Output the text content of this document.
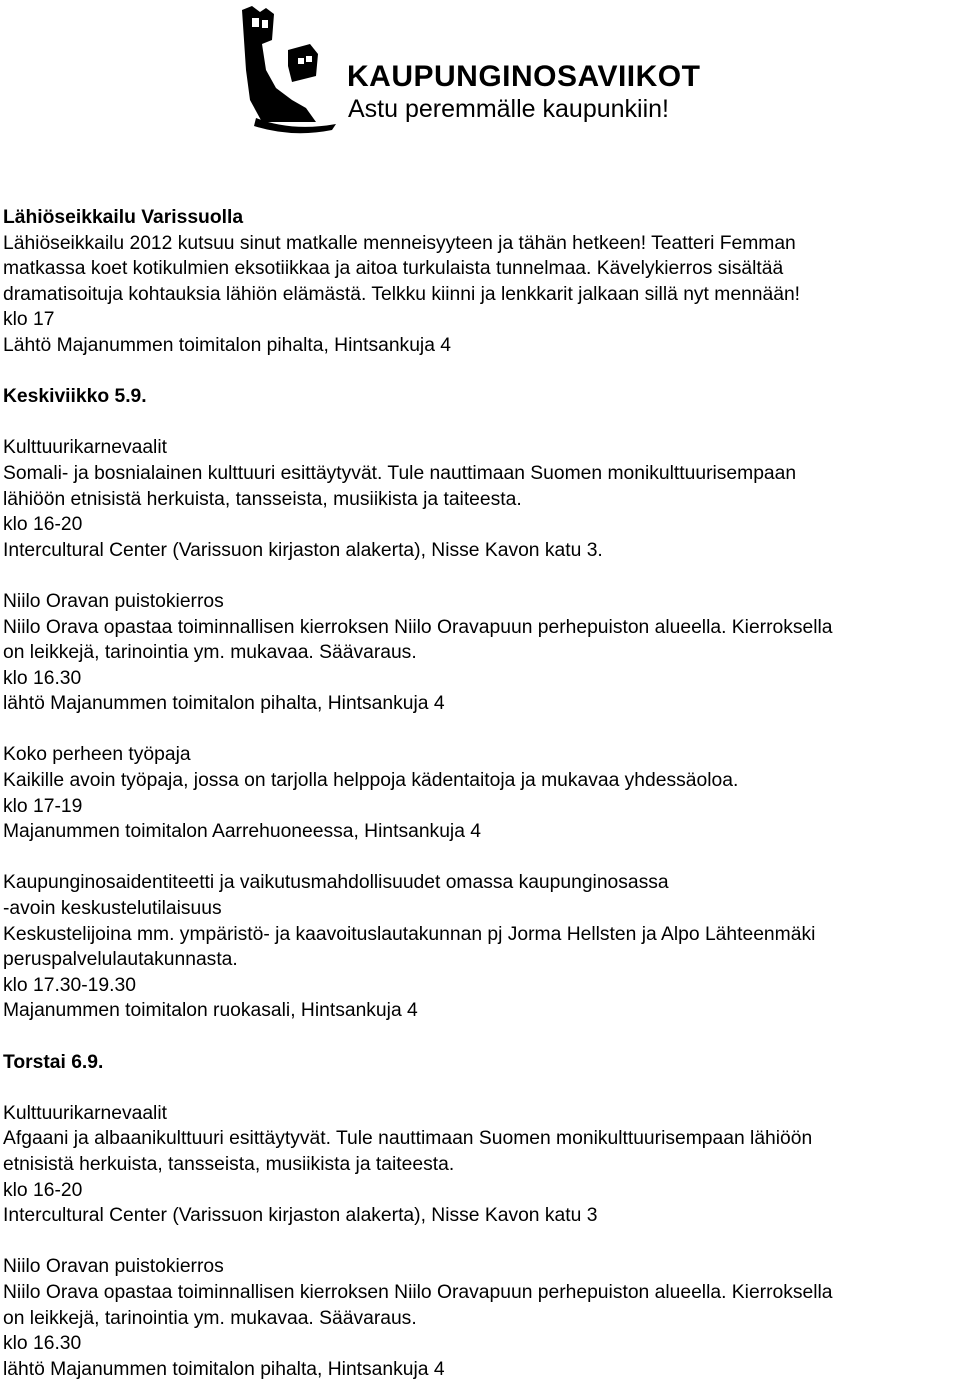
KAUPUNGINOSAVIIKOT
Astu peremmälle kaupunkiin!
Lähiöseikkailu Varissuolla
Lähiöseikkailu 2012 kutsuu sinut matkalle menneisyyteen ja tähän hetkeen! Teatteri Femman
matkassa koet kotikulmien eksotiikkaa ja aitoa turkulaista tunnelmaa. Kävelykierros sisältää
dramatisoituja kohtauksia lähiön elämästä. Telkku kiinni ja lenkkarit jalkaan sillä nyt mennään!
klo 17
Lähtö Majanummen toimitalon pihalta, Hintsankuja 4
Keskiviikko 5.9.
Kulttuurikarnevaalit
Somali- ja bosnialainen kulttuuri esittäytyvät. Tule nauttimaan Suomen monikulttuurisempaan
lähiöön etnisistä herkuista, tansseista, musiikista ja taiteesta.
klo 16-20
Intercultural Center (Varissuon kirjaston alakerta), Nisse Kavon katu 3.
Niilo Oravan puistokierros
Niilo Orava opastaa toiminnallisen kierroksen Niilo Oravapuun perhepuiston alueella. Kierroksella
on leikkejä, tarinointia ym. mukavaa. Säävaraus.
klo 16.30
lähtö Majanummen toimitalon pihalta, Hintsankuja 4
Koko perheen työpaja
Kaikille avoin työpaja, jossa on tarjolla helppoja kädentaitoja ja mukavaa yhdessäoloa.
klo 17-19
Majanummen toimitalon Aarrehuoneessa, Hintsankuja 4
Kaupunginosaidentiteetti ja vaikutusmahdollisuudet omassa kaupunginosassa
-avoin keskustelutilaisuus
Keskustelijoina mm. ympäristö- ja kaavoituslautakunnan pj Jorma Hellsten ja Alpo Lähteenmäki
peruspalvelulautakunnasta.
klo 17.30-19.30
Majanummen toimitalon ruokasali, Hintsankuja 4
Torstai 6.9.
Kulttuurikarnevaalit
Afgaani ja albaanikulttuuri esittäytyvät. Tule nauttimaan Suomen monikulttuurisempaan lähiöön
etnisistä herkuista, tansseista, musiikista ja taiteesta.
klo 16-20
Intercultural Center (Varissuon kirjaston alakerta), Nisse Kavon katu 3
Niilo Oravan puistokierros
Niilo Orava opastaa toiminnallisen kierroksen Niilo Oravapuun perhepuiston alueella. Kierroksella
on leikkejä, tarinointia ym. mukavaa. Säävaraus.
klo 16.30
lähtö Majanummen toimitalon pihalta, Hintsankuja 4
